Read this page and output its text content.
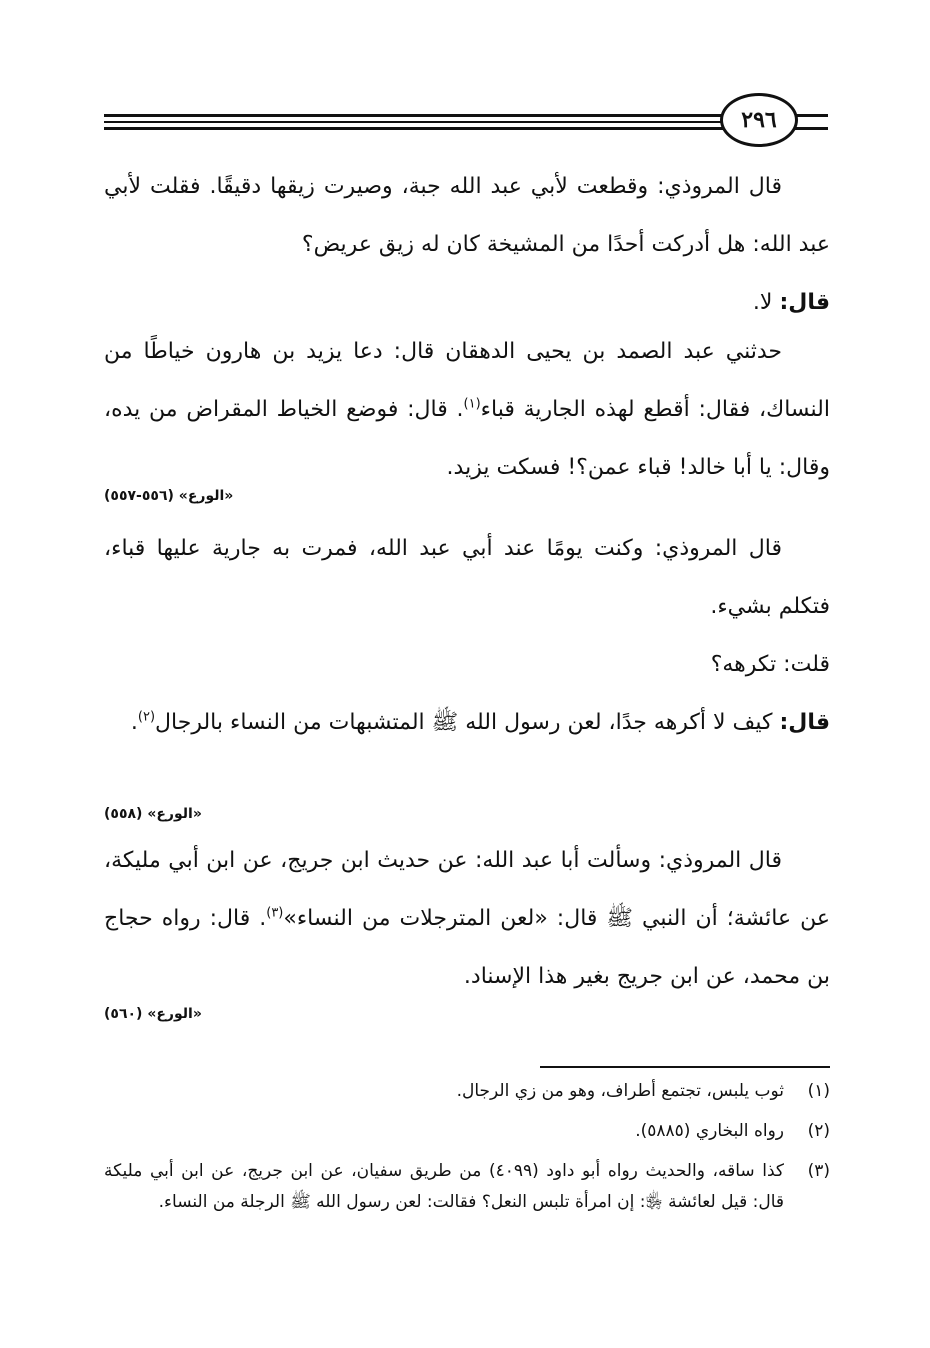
٢٩٦

قال المروذي: وقطعت لأبي عبد الله جبة، وصيرت زيقها دقيقًا. فقلت لأبي عبد الله: هل أدركت أحدًا من المشيخة كان له زيق عريض؟

قال: لا.

حدثني عبد الصمد بن يحيى الدهقان قال: دعا يزيد بن هارون خياطًا من النساك، فقال: أقطع لهذه الجارية قباء$^{(١)}$. قال: فوضع الخياط المقراض من يده، وقال: يا أبا خالد! قباء عمن؟! فسكت يزيد.

«الورع» (٥٥٦-٥٥٧)

قال المروذي: وكنت يومًا عند أبي عبد الله، فمرت به جارية عليها قباء، فتكلم بشيء.

قلت: تكرهه؟

قال: كيف لا أكرهه جدًا، لعن رسول الله ﷺ المتشبهات من النساء بالرجال$^{(٢)}$.

«الورع» (٥٥٨)

قال المروذي: وسألت أبا عبد الله: عن حديث ابن جريج، عن ابن أبي مليكة، عن عائشة؛ أن النبي ﷺ قال: «لعن المترجلات من النساء»$^{(٣)}$. قال: رواه حجاج بن محمد، عن ابن جريج بغير هذا الإسناد.

«الورع» (٥٦٠)
(١)
ثوب يلبس، تجتمع أطراف، وهو من زي الرجال.
(٢)
رواه البخاري (٥٨٨٥).
(٣)
كذا ساقه، والحديث رواه أبو داود (٤٠٩٩) من طريق سفيان، عن ابن جريج، عن ابن أبي مليكة قال: قيل لعائشة ﵂: إن امرأة تلبس النعل؟ فقالت: لعن رسول الله ﷺ الرجلة من النساء.
